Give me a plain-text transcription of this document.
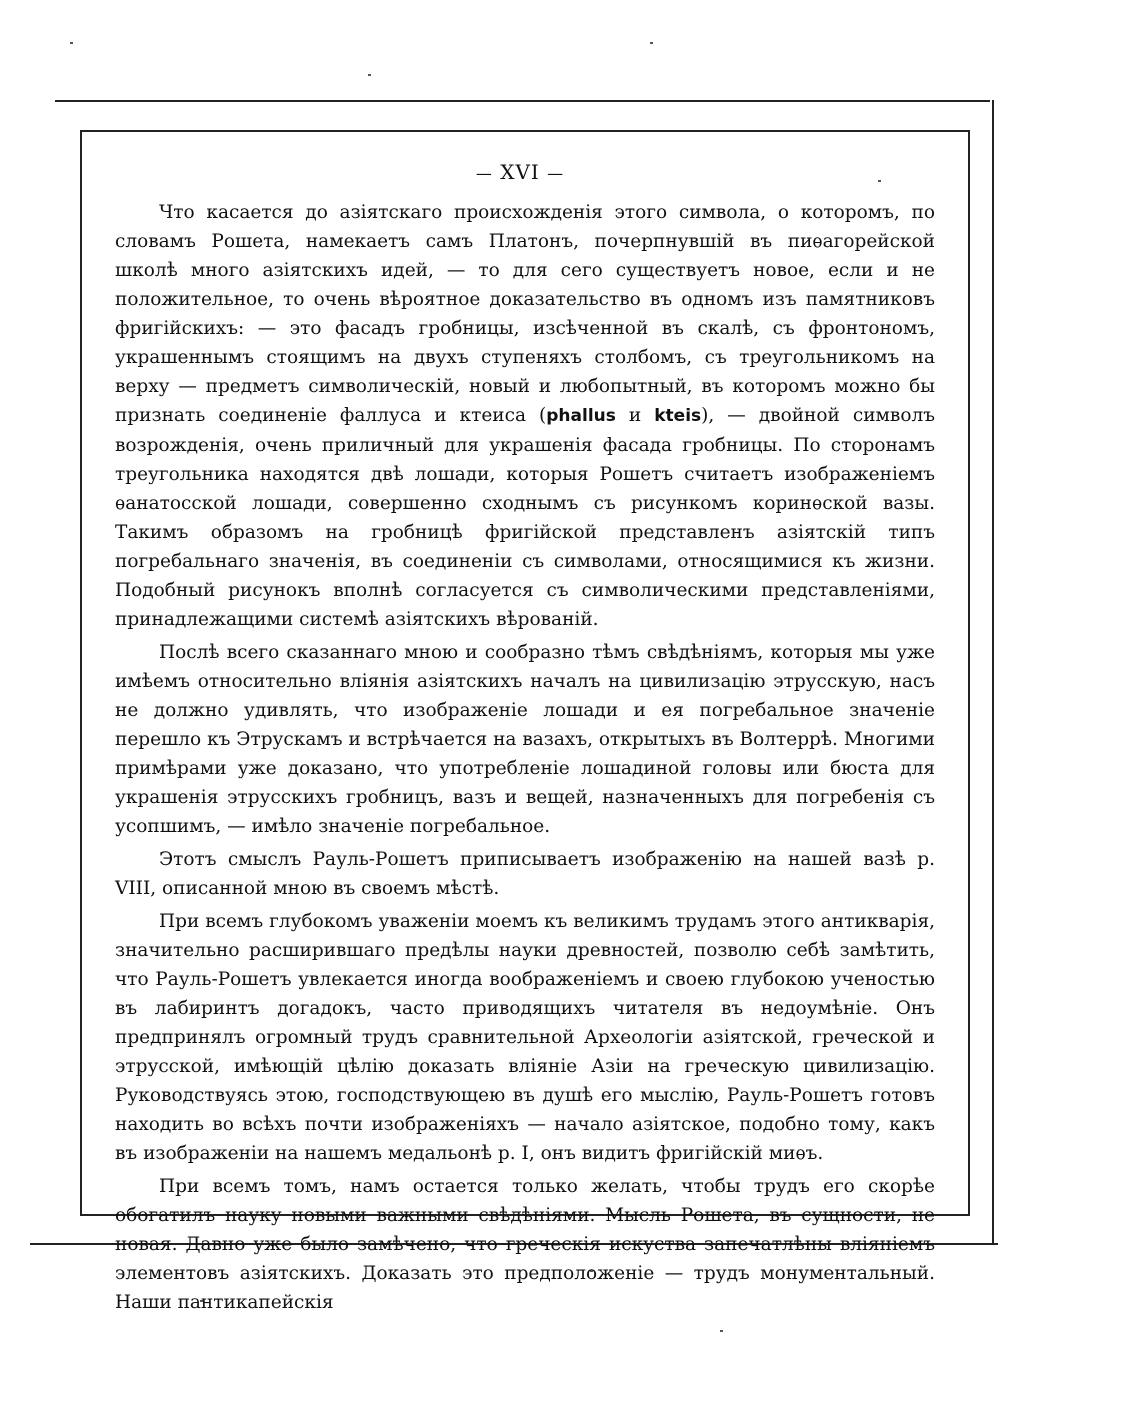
— XVI —

Что касается до азіятскаго происхожденія этого символа, о которомъ, по словамъ Рошета, намекаетъ самъ Платонъ, почерпнувшій въ пиѳагорейской школѣ много азіятскихъ идей, — то для сего существуетъ новое, если и не положительное, то очень вѣроятное доказательство въ одномъ изъ памятниковъ фригійскихъ: — это фасадъ гробницы, изсѣченной въ скалѣ, съ фронтономъ, украшеннымъ стоящимъ на двухъ ступеняхъ столбомъ, съ треугольникомъ на верху — предметъ символическій, новый и любопытный, въ которомъ можно бы признать соединеніе фаллуса и ктеиса (phallus и kteis), — двойной символъ возрожденія, очень приличный для украшенія фасада гробницы. По сторонамъ треугольника находятся двѣ лошади, которыя Рошетъ считаетъ изображеніемъ ѳанатосской лошади, совершенно сходнымъ съ рисункомъ коринѳской вазы. Такимъ образомъ на гробницѣ фригійской представленъ азіятскій типъ погребальнаго значенія, въ соединеніи съ символами, относящимися къ жизни. Подобный рисунокъ вполнѣ согласуется съ символическими представленіями, принадлежащими системѣ азіятскихъ вѣрованій.

Послѣ всего сказаннаго мною и сообразно тѣмъ свѣдѣніямъ, которыя мы уже имѣемъ относительно вліянія азіятскихъ началъ на цивилизацію этрусскую, насъ не должно удивлять, что изображеніе лошади и ея погребальное значеніе перешло къ Этрускамъ и встрѣчается на вазахъ, открытыхъ въ Волтеррѣ. Многими примѣрами уже доказано, что употребленіе лошадиной головы или бюста для украшенія этрусскихъ гробницъ, вазъ и вещей, назначенныхъ для погребенія съ усопшимъ, — имѣло значеніе погребальное.

Этотъ смыслъ Рауль-Рошетъ приписываетъ изображенію на нашей вазѣ р. VIII, описанной мною въ своемъ мѣстѣ.

При всемъ глубокомъ уваженіи моемъ къ великимъ трудамъ этого антикварія, значительно расширившаго предѣлы науки древностей, позволю себѣ замѣтить, что Рауль-Рошетъ увлекается иногда воображеніемъ и своею глубокою ученостью въ лабиринтъ догадокъ, часто приводящихъ читателя въ недоумѣніе. Онъ предпринялъ огромный трудъ сравнительной Археологіи азіятской, греческой и этрусской, имѣющій цѣлію доказать вліяніе Азіи на греческую цивилизацію. Руководствуясь этою, господствующею въ душѣ его мыслію, Рауль-Рошетъ готовъ находить во всѣхъ почти изображеніяхъ — начало азіятское, подобно тому, какъ въ изображеніи на нашемъ медальонѣ р. I, онъ видитъ фригійскій миѳъ.

При всемъ томъ, намъ остается только желать, чтобы трудъ его скорѣе обогатилъ науку новыми важными свѣдѣніями. Мысль Рошета, въ сущности, не новая. Давно уже было замѣчено, что греческія искуства запечатлѣны вліяніемъ элементовъ азіятскихъ. Доказать это предположеніе — трудъ монументальный. Наши пантикапейскія
